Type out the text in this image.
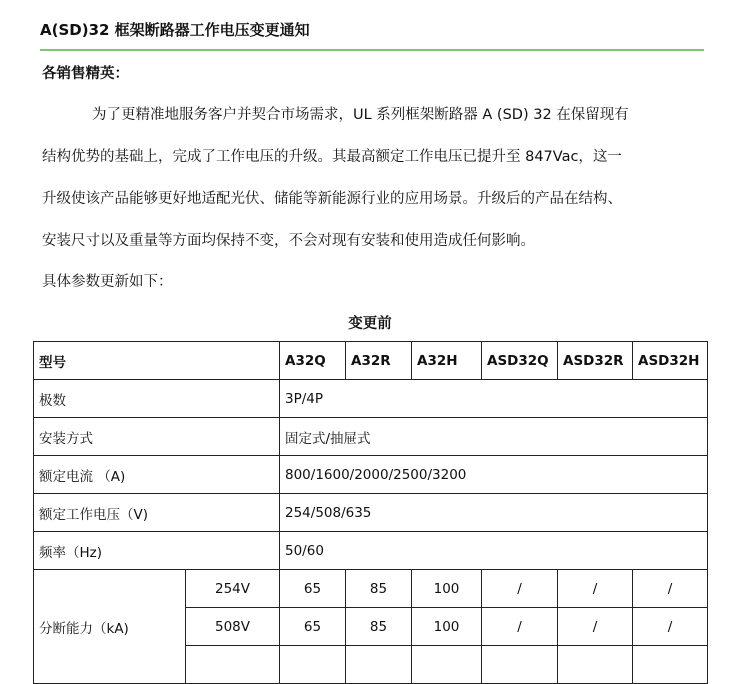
A(SD)32 框架断路器工作电压变更通知
各销售精英：
为了更精准地服务客户并契合市场需求，UL 系列框架断路器 A (SD) 32 在保留现有
结构优势的基础上，完成了工作电压的升级。其最高额定工作电压已提升至 847Vac，这一
升级使该产品能够更好地适配光伏、储能等新能源行业的应用场景。升级后的产品在结构、
安装尺寸以及重量等方面均保持不变，不会对现有安装和使用造成任何影响。
具体参数更新如下：
变更前
型号		A32Q	A32R	A32H	ASD32Q	ASD32R	ASD32H
极数		3P/4P					
安装方式		固定式/抽屉式					
额定电流 （A)		800/1600/2000/2500/3200					
额定工作电压（V)		254/508/635					
频率（Hz)		50/60					
分断能力（kA)	254V	65	85	100	/	/	/
	508V	65	85	100	/	/	/
